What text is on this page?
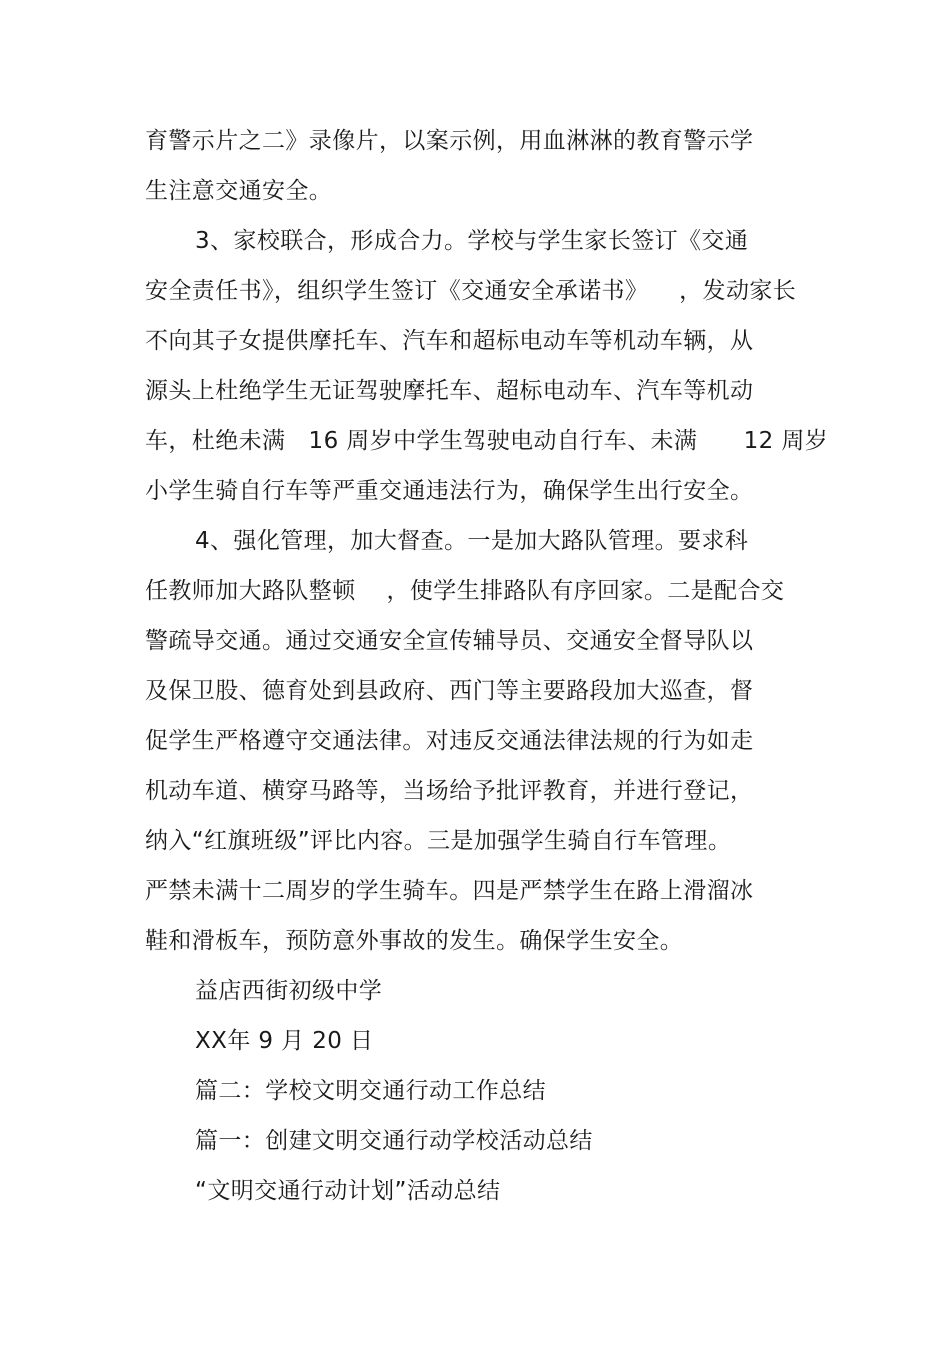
育警示片之二》录像片，以案示例，用血淋淋的教育警示学
生注意交通安全。
3、家校联合，形成合力。学校与学生家长签订《交通
安全责任书》，组织学生签订《交通安全承诺书》    ，发动家长
不向其子女提供摩托车、汽车和超标电动车等机动车辆，从
源头上杜绝学生无证驾驶摩托车、超标电动车、汽车等机动
车，杜绝未满   16 周岁中学生驾驶电动自行车、未满      12 周岁
小学生骑自行车等严重交通违法行为，确保学生出行安全。
4、强化管理，加大督查。一是加大路队管理。要求科
任教师加大路队整顿    ，使学生排路队有序回家。二是配合交
警疏导交通。通过交通安全宣传辅导员、交通安全督导队以
及保卫股、德育处到县政府、西门等主要路段加大巡查，督
促学生严格遵守交通法律。对违反交通法律法规的行为如走
机动车道、横穿马路等，当场给予批评教育，并进行登记，
纳入“红旗班级”评比内容。三是加强学生骑自行车管理。
严禁未满十二周岁的学生骑车。四是严禁学生在路上滑溜冰
鞋和滑板车，预防意外事故的发生。确保学生安全。
益店西街初级中学
XX年 9 月 20 日
篇二：学校文明交通行动工作总结
篇一：创建文明交通行动学校活动总结
“文明交通行动计划”活动总结
